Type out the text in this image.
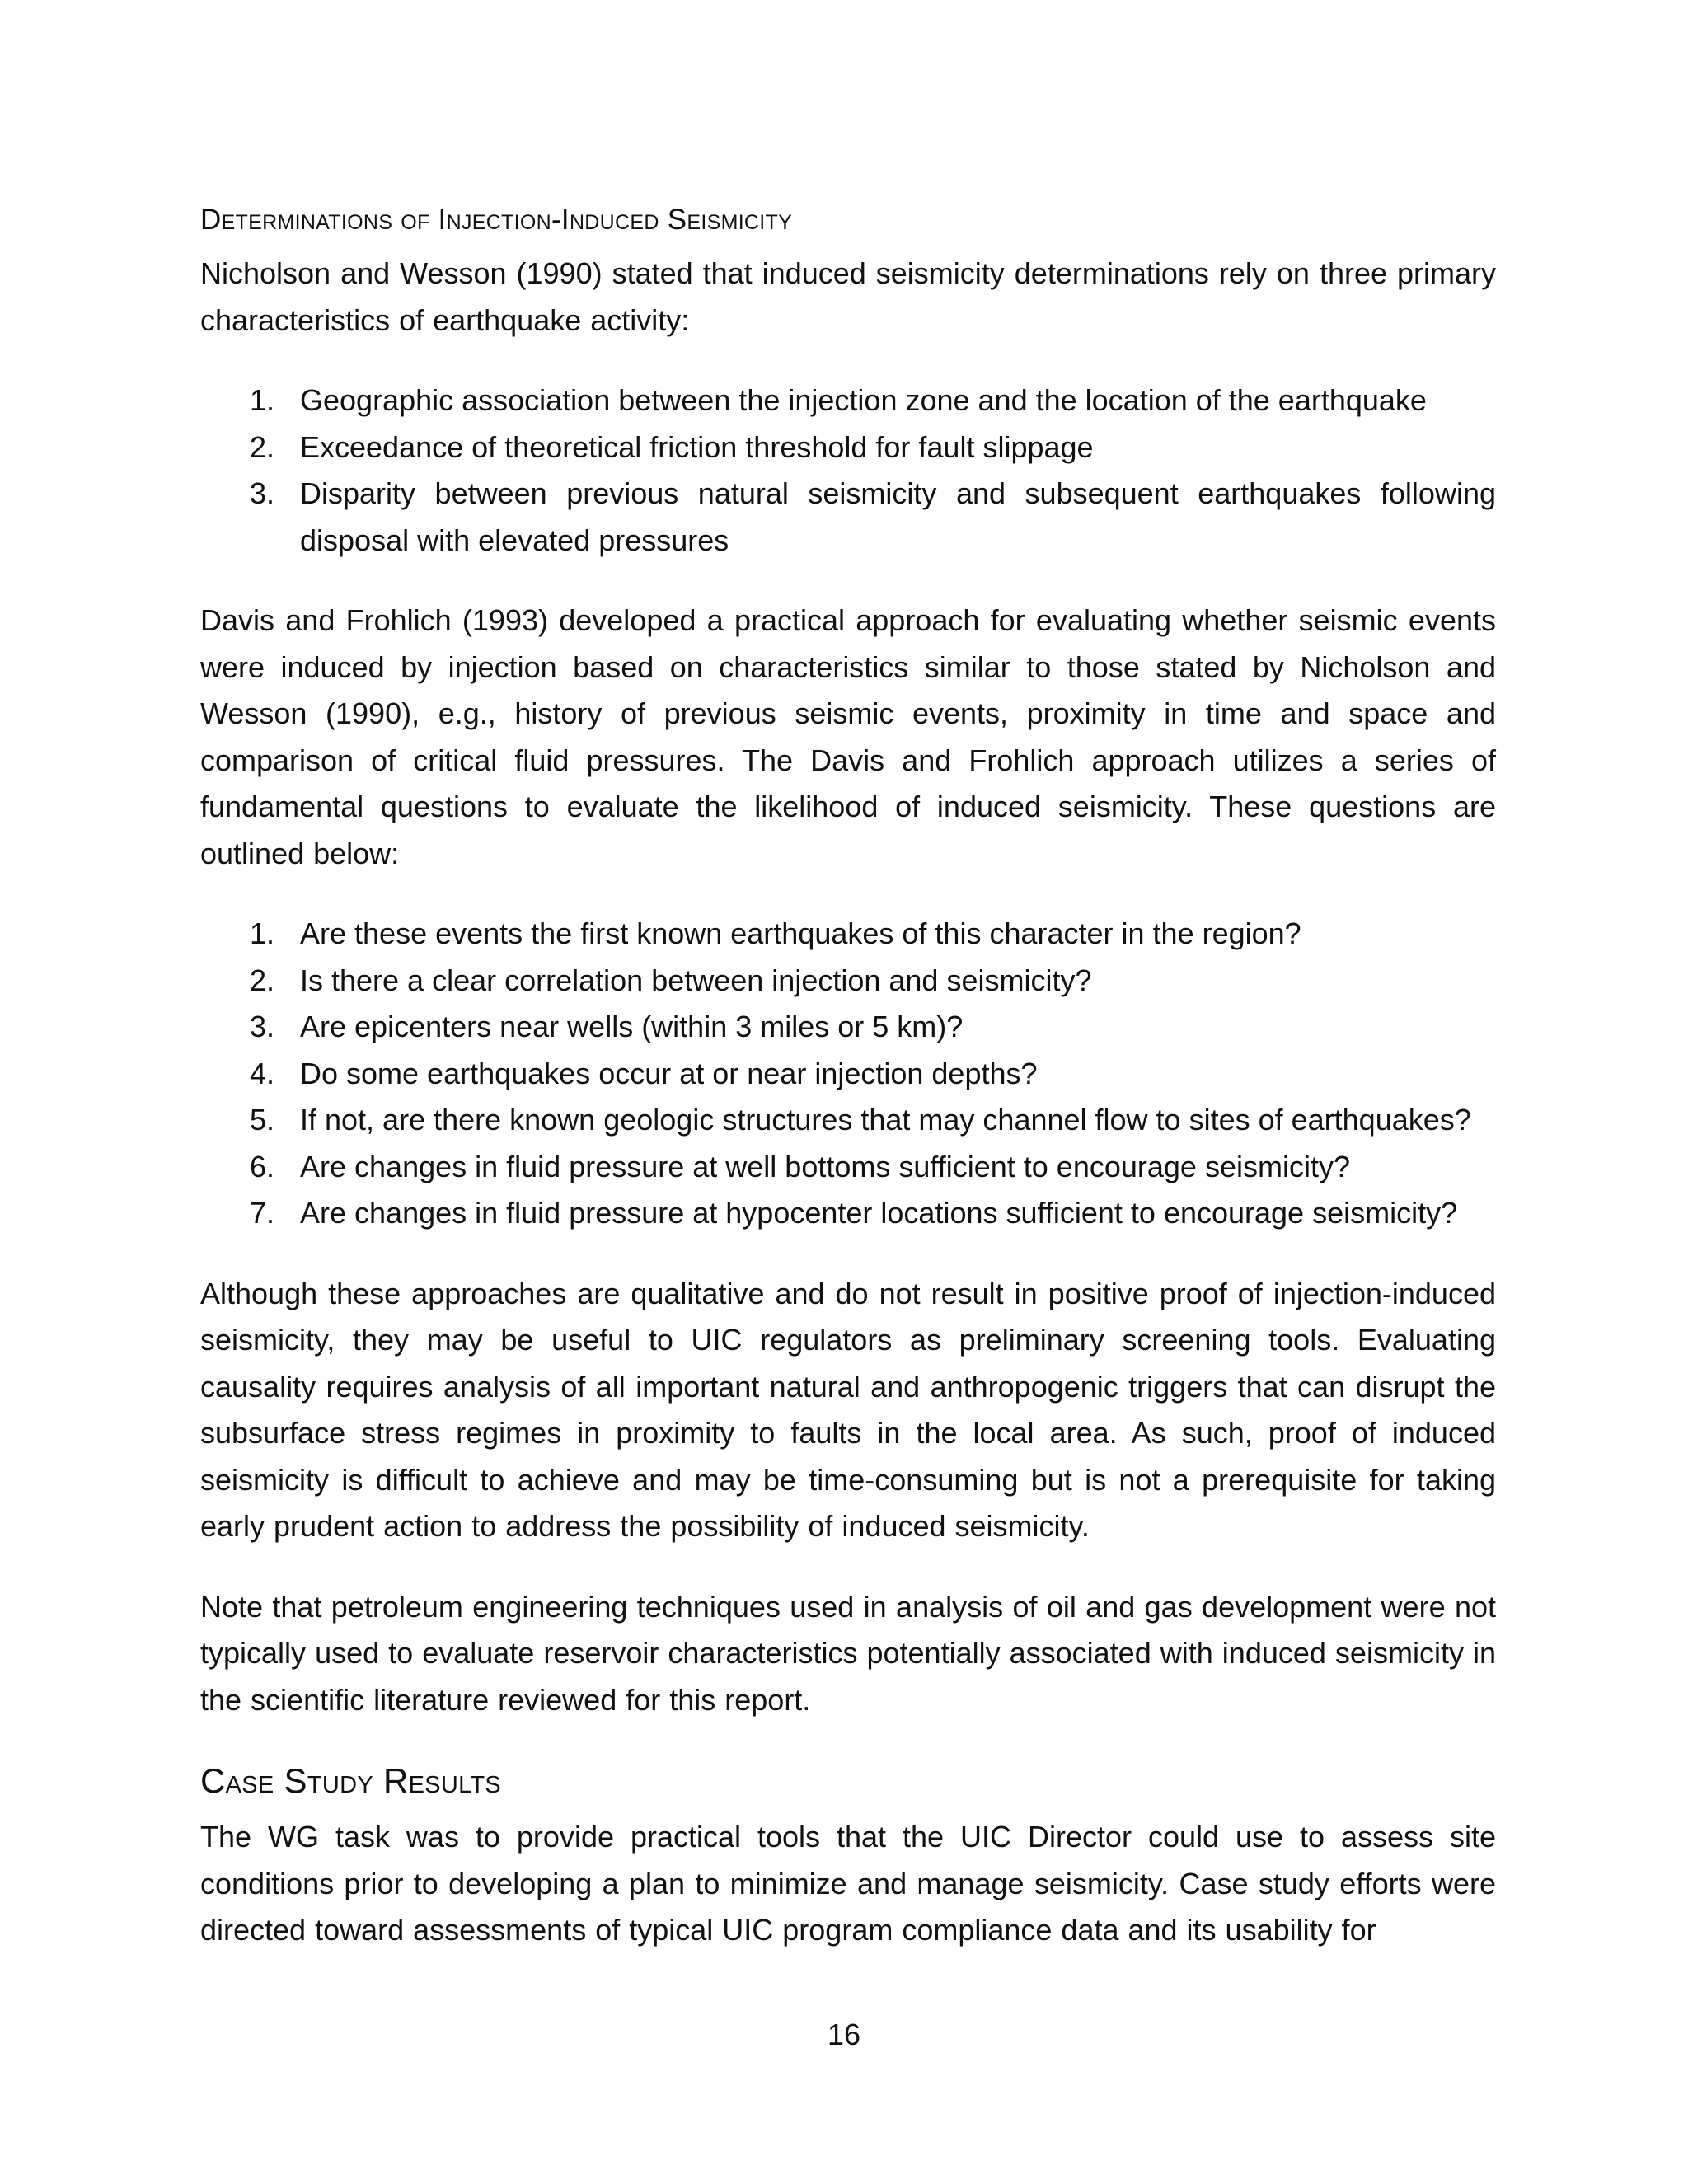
Determinations of Injection-Induced Seismicity

Nicholson and Wesson (1990) stated that induced seismicity determinations rely on three primary characteristics of earthquake activity:

1. Geographic association between the injection zone and the location of the earthquake
2. Exceedance of theoretical friction threshold for fault slippage
3. Disparity between previous natural seismicity and subsequent earthquakes following disposal with elevated pressures

Davis and Frohlich (1993) developed a practical approach for evaluating whether seismic events were induced by injection based on characteristics similar to those stated by Nicholson and Wesson (1990), e.g., history of previous seismic events, proximity in time and space and comparison of critical fluid pressures. The Davis and Frohlich approach utilizes a series of fundamental questions to evaluate the likelihood of induced seismicity. These questions are outlined below:

1. Are these events the first known earthquakes of this character in the region?
2. Is there a clear correlation between injection and seismicity?
3. Are epicenters near wells (within 3 miles or 5 km)?
4. Do some earthquakes occur at or near injection depths?
5. If not, are there known geologic structures that may channel flow to sites of earthquakes?
6. Are changes in fluid pressure at well bottoms sufficient to encourage seismicity?
7. Are changes in fluid pressure at hypocenter locations sufficient to encourage seismicity?

Although these approaches are qualitative and do not result in positive proof of injection-induced seismicity, they may be useful to UIC regulators as preliminary screening tools. Evaluating causality requires analysis of all important natural and anthropogenic triggers that can disrupt the subsurface stress regimes in proximity to faults in the local area. As such, proof of induced seismicity is difficult to achieve and may be time-consuming but is not a prerequisite for taking early prudent action to address the possibility of induced seismicity.

Note that petroleum engineering techniques used in analysis of oil and gas development were not typically used to evaluate reservoir characteristics potentially associated with induced seismicity in the scientific literature reviewed for this report.

Case Study Results

The WG task was to provide practical tools that the UIC Director could use to assess site conditions prior to developing a plan to minimize and manage seismicity. Case study efforts were directed toward assessments of typical UIC program compliance data and its usability for

16
